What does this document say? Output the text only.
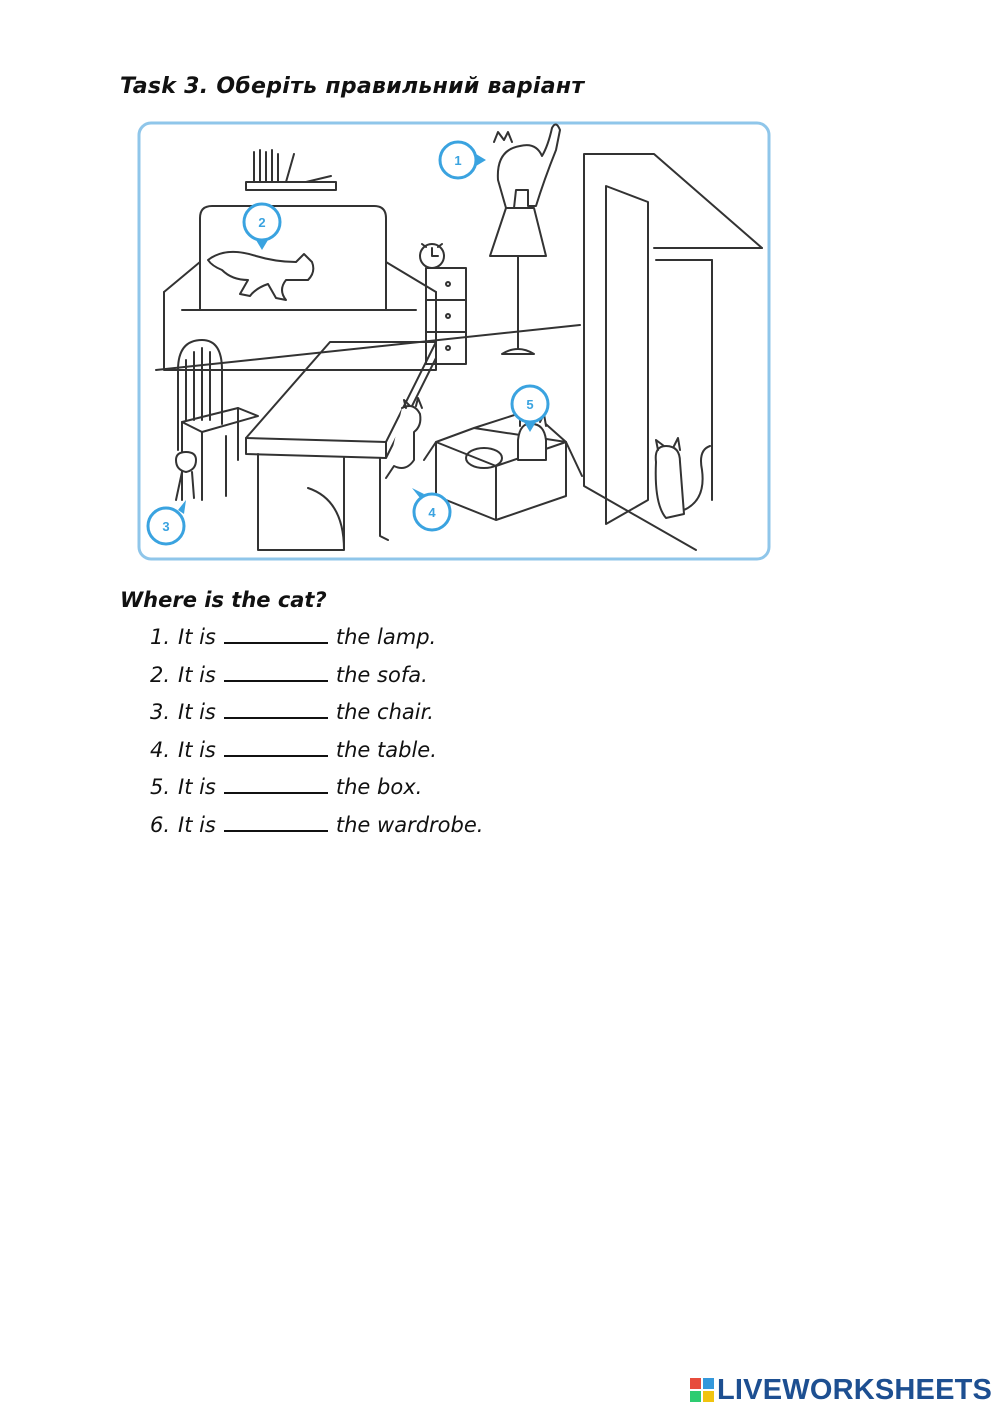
Task 3. Оберіть правильний варіант
1
2
3
4
5
Where is the cat?
1. It is	the lamp.
2. It is	the sofa.
3. It is	the chair.
4. It is	the table.
5. It is	the box.
6. It is	the wardrobe.
LIVEWORKSHEETS
